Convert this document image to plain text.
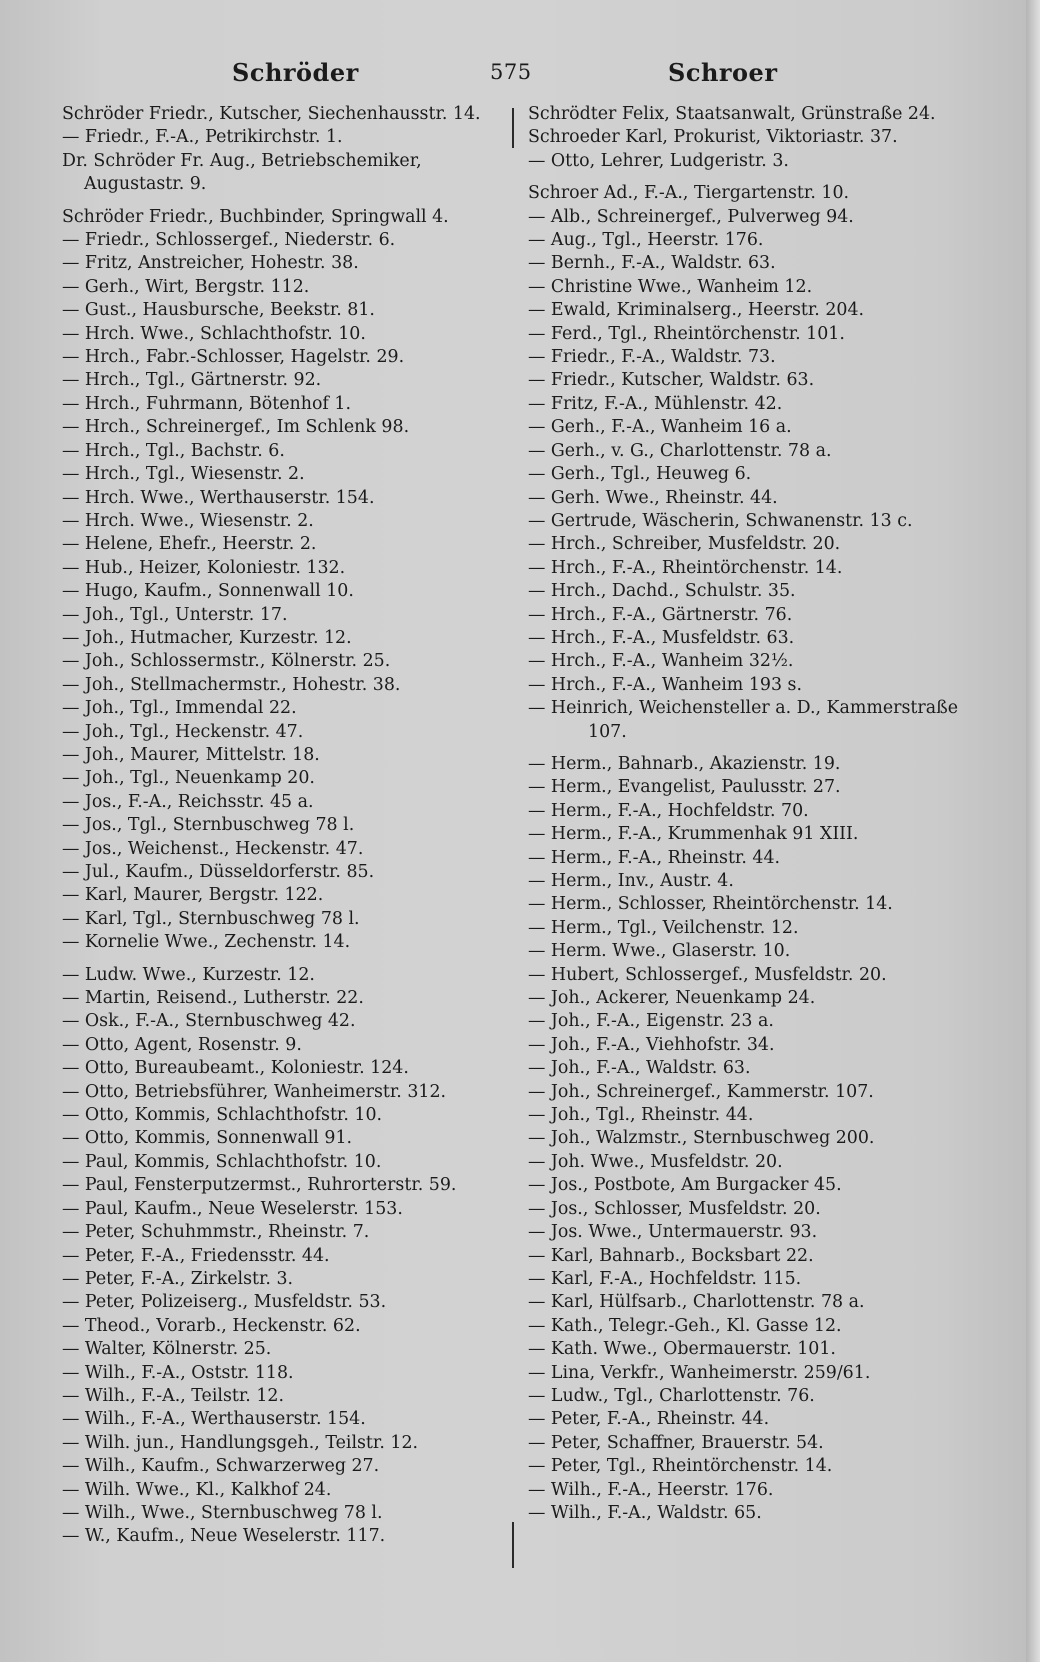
Schröder	575	Schroer
Schröder Friedr., Kutscher, Siechenhausstr. 14.
— Friedr., F.-A., Petrikirchstr. 1.
Dr. Schröder Fr. Aug., Betriebschemiker, Augustastr. 9.
Schröder Friedr., Buchbinder, Springwall 4.
— Friedr., Schlossergef., Niederstr. 6.
— Fritz, Anstreicher, Hohestr. 38.
— Gerh., Wirt, Bergstr. 112.
— Gust., Hausbursche, Beekstr. 81.
— Hrch. Wwe., Schlachthofstr. 10.
— Hrch., Fabr.-Schlosser, Hagelstr. 29.
— Hrch., Tgl., Gärtnerstr. 92.
— Hrch., Fuhrmann, Bötenhof 1.
— Hrch., Schreinergef., Im Schlenk 98.
— Hrch., Tgl., Bachstr. 6.
— Hrch., Tgl., Wiesenstr. 2.
— Hrch. Wwe., Werthauserstr. 154.
— Hrch. Wwe., Wiesenstr. 2.
— Helene, Ehefr., Heerstr. 2.
— Hub., Heizer, Koloniestr. 132.
— Hugo, Kaufm., Sonnenwall 10.
— Joh., Tgl., Unterstr. 17.
— Joh., Hutmacher, Kurzestr. 12.
— Joh., Schlossermstr., Kölnerstr. 25.
— Joh., Stellmachermstr., Hohestr. 38.
— Joh., Tgl., Immendal 22.
— Joh., Tgl., Heckenstr. 47.
— Joh., Maurer, Mittelstr. 18.
— Joh., Tgl., Neuenkamp 20.
— Jos., F.-A., Reichsstr. 45 a.
— Jos., Tgl., Sternbuschweg 78 l.
— Jos., Weichenst., Heckenstr. 47.
— Jul., Kaufm., Düsseldorferstr. 85.
— Karl, Maurer, Bergstr. 122.
— Karl, Tgl., Sternbuschweg 78 l.
— Kornelie Wwe., Zechenstr. 14.
— Ludw. Wwe., Kurzestr. 12.
— Martin, Reisend., Lutherstr. 22.
— Osk., F.-A., Sternbuschweg 42.
— Otto, Agent, Rosenstr. 9.
— Otto, Bureaubeamt., Koloniestr. 124.
— Otto, Betriebsführer, Wanheimerstr. 312.
— Otto, Kommis, Schlachthofstr. 10.
— Otto, Kommis, Sonnenwall 91.
— Paul, Kommis, Schlachthofstr. 10.
— Paul, Fensterputzermst., Ruhrorterstr. 59.
— Paul, Kaufm., Neue Weselerstr. 153.
— Peter, Schuhmmstr., Rheinstr. 7.
— Peter, F.-A., Friedensstr. 44.
— Peter, F.-A., Zirkelstr. 3.
— Peter, Polizeiserg., Musfeldstr. 53.
— Theod., Vorarb., Heckenstr. 62.
— Walter, Kölnerstr. 25.
— Wilh., F.-A., Oststr. 118.
— Wilh., F.-A., Teilstr. 12.
— Wilh., F.-A., Werthauserstr. 154.
— Wilh. jun., Handlungsgeh., Teilstr. 12.
— Wilh., Kaufm., Schwarzerweg 27.
— Wilh. Wwe., Kl., Kalkhof 24.
— Wilh., Wwe., Sternbuschweg 78 l.
— W., Kaufm., Neue Weselerstr. 117.
Schrödter Felix, Staatsanwalt, Grünstraße 24.
Schroeder Karl, Prokurist, Viktoriastr. 37.
— Otto, Lehrer, Ludgeristr. 3.
Schroer Ad., F.-A., Tiergartenstr. 10.
— Alb., Schreinergef., Pulverweg 94.
— Aug., Tgl., Heerstr. 176.
— Bernh., F.-A., Waldstr. 63.
— Christine Wwe., Wanheim 12.
— Ewald, Kriminalserg., Heerstr. 204.
— Ferd., Tgl., Rheintörchenstr. 101.
— Friedr., F.-A., Waldstr. 73.
— Friedr., Kutscher, Waldstr. 63.
— Fritz, F.-A., Mühlenstr. 42.
— Gerh., F.-A., Wanheim 16 a.
— Gerh., v. G., Charlottenstr. 78 a.
— Gerh., Tgl., Heuweg 6.
— Gerh. Wwe., Rheinstr. 44.
— Gertrude, Wäscherin, Schwanenstr. 13 c.
— Hrch., Schreiber, Musfeldstr. 20.
— Hrch., F.-A., Rheintörchenstr. 14.
— Hrch., Dachd., Schulstr. 35.
— Hrch., F.-A., Gärtnerstr. 76.
— Hrch., F.-A., Musfeldstr. 63.
— Hrch., F.-A., Wanheim 32½.
— Hrch., F.-A., Wanheim 193 s.
— Heinrich, Weichensteller a. D., Kammerstraße 107.
— Herm., Bahnarb., Akazienstr. 19.
— Herm., Evangelist, Paulusstr. 27.
— Herm., F.-A., Hochfeldstr. 70.
— Herm., F.-A., Krummenhak 91 XIII.
— Herm., F.-A., Rheinstr. 44.
— Herm., Inv., Austr. 4.
— Herm., Schlosser, Rheintörchenstr. 14.
— Herm., Tgl., Veilchenstr. 12.
— Herm. Wwe., Glaserstr. 10.
— Hubert, Schlossergef., Musfeldstr. 20.
— Joh., Ackerer, Neuenkamp 24.
— Joh., F.-A., Eigenstr. 23 a.
— Joh., F.-A., Viehhofstr. 34.
— Joh., F.-A., Waldstr. 63.
— Joh., Schreinergef., Kammerstr. 107.
— Joh., Tgl., Rheinstr. 44.
— Joh., Walzmstr., Sternbuschweg 200.
— Joh. Wwe., Musfeldstr. 20.
— Jos., Postbote, Am Burgacker 45.
— Jos., Schlosser, Musfeldstr. 20.
— Jos. Wwe., Untermauerstr. 93.
— Karl, Bahnarb., Bocksbart 22.
— Karl, F.-A., Hochfeldstr. 115.
— Karl, Hülfsarb., Charlottenstr. 78 a.
— Kath., Telegr.-Geh., Kl. Gasse 12.
— Kath. Wwe., Obermauerstr. 101.
— Lina, Verkfr., Wanheimerstr. 259/61.
— Ludw., Tgl., Charlottenstr. 76.
— Peter, F.-A., Rheinstr. 44.
— Peter, Schaffner, Brauerstr. 54.
— Peter, Tgl., Rheintörchenstr. 14.
— Wilh., F.-A., Heerstr. 176.
— Wilh., F.-A., Waldstr. 65.
